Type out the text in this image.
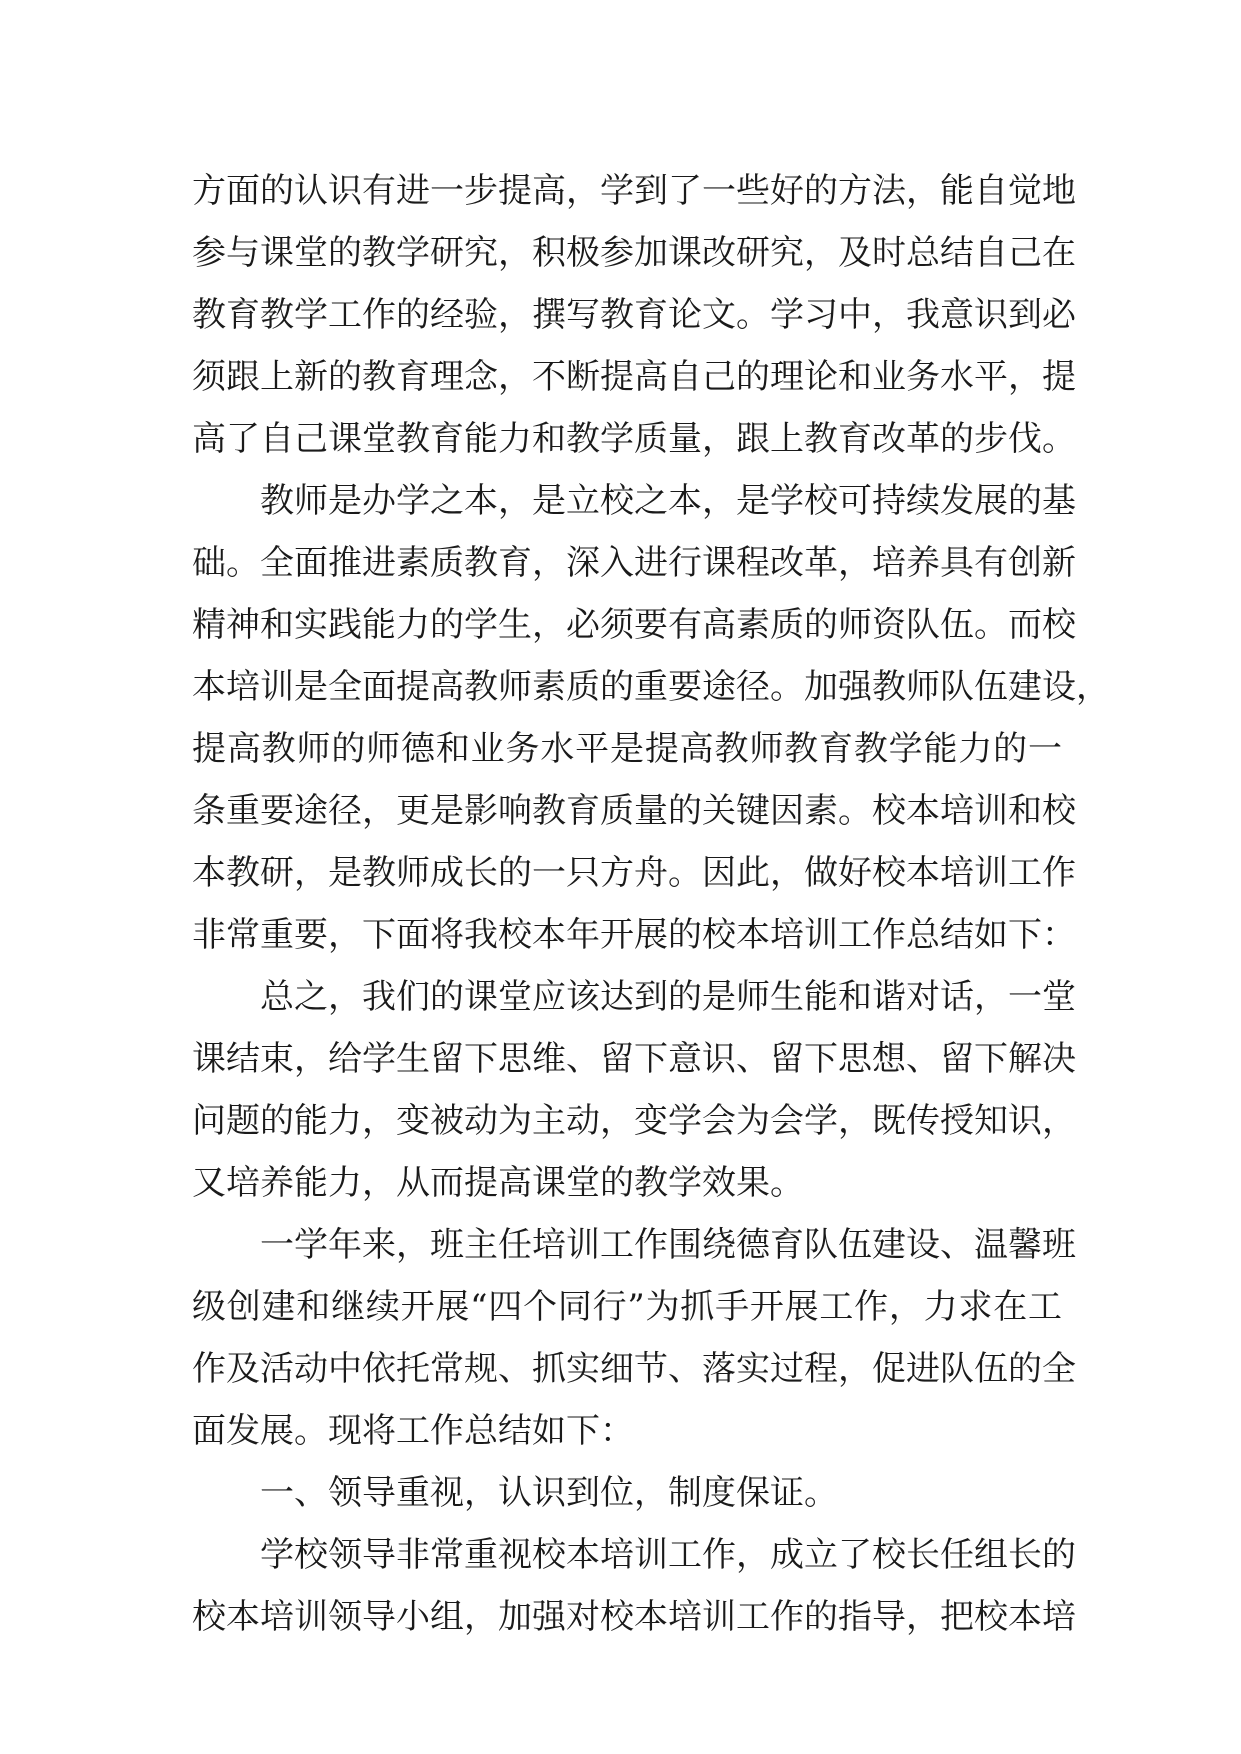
方面的认识有进一步提高，学到了一些好的方法，能自觉地
参与课堂的教学研究，积极参加课改研究，及时总结自己在
教育教学工作的经验，撰写教育论文。学习中，我意识到必
须跟上新的教育理念，不断提高自己的理论和业务水平，提
高了自己课堂教育能力和教学质量，跟上教育改革的步伐。
教师是办学之本，是立校之本，是学校可持续发展的基
础。全面推进素质教育，深入进行课程改革，培养具有创新
精神和实践能力的学生，必须要有高素质的师资队伍。而校
本培训是全面提高教师素质的重要途径。加强教师队伍建设，
提高教师的师德和业务水平是提高教师教育教学能力的一
条重要途径，更是影响教育质量的关键因素。校本培训和校
本教研，是教师成长的一只方舟。因此，做好校本培训工作
非常重要，下面将我校本年开展的校本培训工作总结如下：
总之，我们的课堂应该达到的是师生能和谐对话，一堂
课结束，给学生留下思维、留下意识、留下思想、留下解决
问题的能力，变被动为主动，变学会为会学，既传授知识，
又培养能力，从而提高课堂的教学效果。
一学年来，班主任培训工作围绕德育队伍建设、温馨班
级创建和继续开展“四个同行”为抓手开展工作，力求在工
作及活动中依托常规、抓实细节、落实过程，促进队伍的全
面发展。现将工作总结如下：
一、领导重视，认识到位，制度保证。
学校领导非常重视校本培训工作，成立了校长任组长的
校本培训领导小组，加强对校本培训工作的指导，把校本培
